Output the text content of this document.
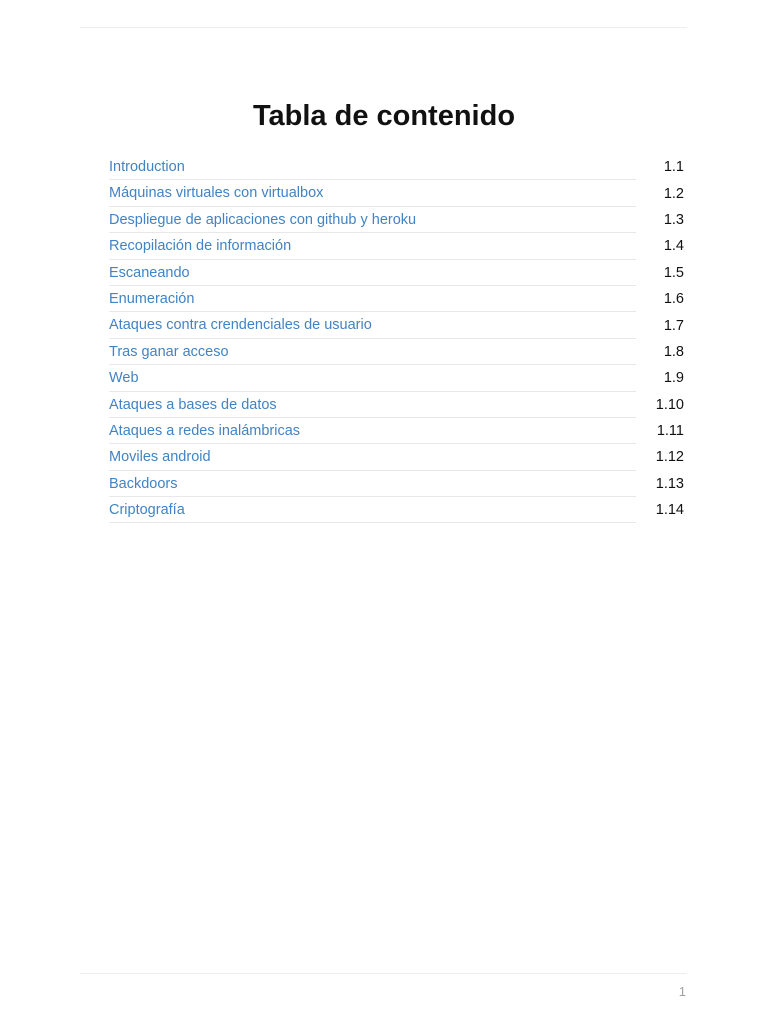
Tabla de contenido
Introduction	1.1
Máquinas virtuales con virtualbox	1.2
Despliegue de aplicaciones con github y heroku	1.3
Recopilación de información	1.4
Escaneando	1.5
Enumeración	1.6
Ataques contra crendenciales de usuario	1.7
Tras ganar acceso	1.8
Web	1.9
Ataques a bases de datos	1.10
Ataques a redes inalámbricas	1.11
Moviles android	1.12
Backdoors	1.13
Criptografía	1.14
1
